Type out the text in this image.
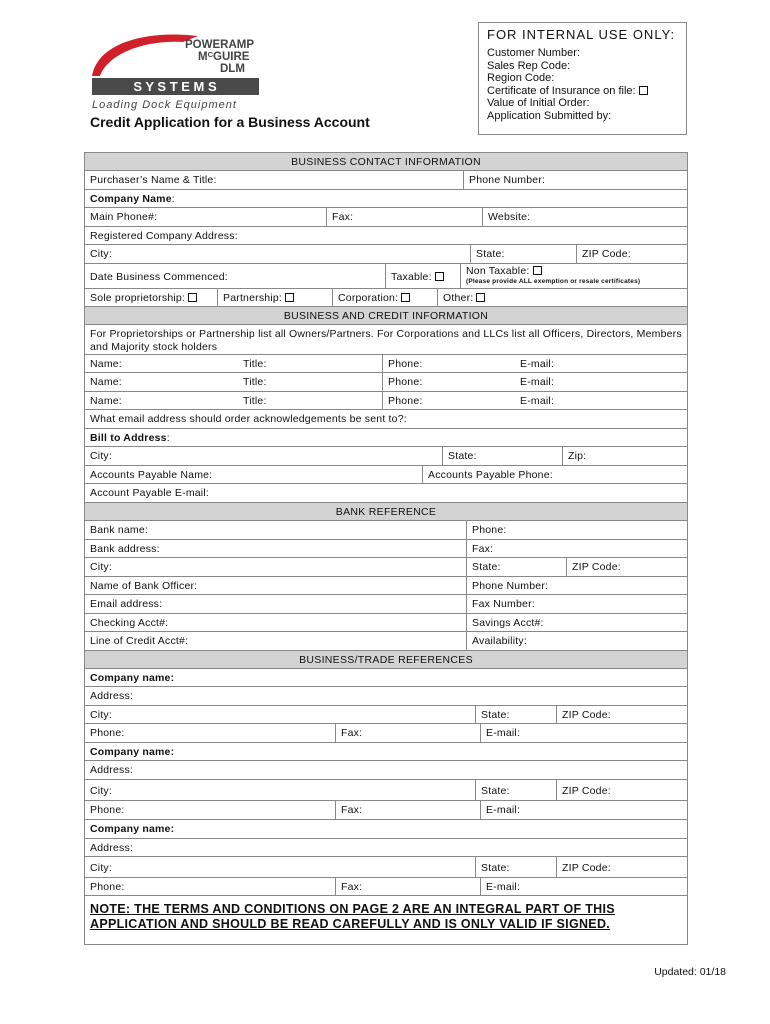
POWERAMP
$M^CGUIRE$
DLM
S Y S T E M S
Loading Dock Equipment
Credit Application for a Business Account
FOR INTERNAL USE ONLY:
Customer Number:
Sales Rep Code:
Region Code:
Certificate of Insurance on file:
Value of Initial Order:
Application Submitted by:
BUSINESS CONTACT INFORMATION
Purchaser’s Name & Title:	Phone Number:
Company Name:
Main Phone#:	Fax:	Website:
Registered Company Address:
City:	State:	ZIP Code:
Date Business Commenced:	Taxable:	Non Taxable:
(Please provide ALL exemption or resale certificates)
Sole proprietorship:	Partnership:	Corporation:	Other:
BUSINESS AND CREDIT INFORMATION
For Proprietorships or Partnership list all Owners/Partners. For Corporations and LLCs list all Officers, Directors, Members and Majority stock holders
Name:	Title:	Phone:	E-mail:
Name:	Title:	Phone:	E-mail:
Name:	Title:	Phone:	E-mail:
What email address should order acknowledgements be sent to?:
Bill to Address:
City:	State:	Zip:
Accounts Payable Name:	Accounts Payable Phone:
Account Payable E-mail:
BANK REFERENCE
Bank name:	Phone:
Bank address:	Fax:
City:	State:	ZIP Code:
Name of Bank Officer:	Phone Number:
Email address:	Fax Number:
Checking Acct#:	Savings Acct#:
Line of Credit Acct#:	Availability:
BUSINESS/TRADE REFERENCES
Company name:
Address:
City:	State:	ZIP Code:
Phone:	Fax:	E-mail:
Company name:
Address:
City:	State:	ZIP Code:
Phone:	Fax:	E-mail:
Company name:
Address:
City:	State:	ZIP Code:
Phone:	Fax:	E-mail:
NOTE: THE TERMS AND CONDITIONS ON PAGE 2 ARE AN INTEGRAL PART OF THIS
APPLICATION AND SHOULD BE READ CAREFULLY AND IS ONLY VALID IF SIGNED.
Updated: 01/18
